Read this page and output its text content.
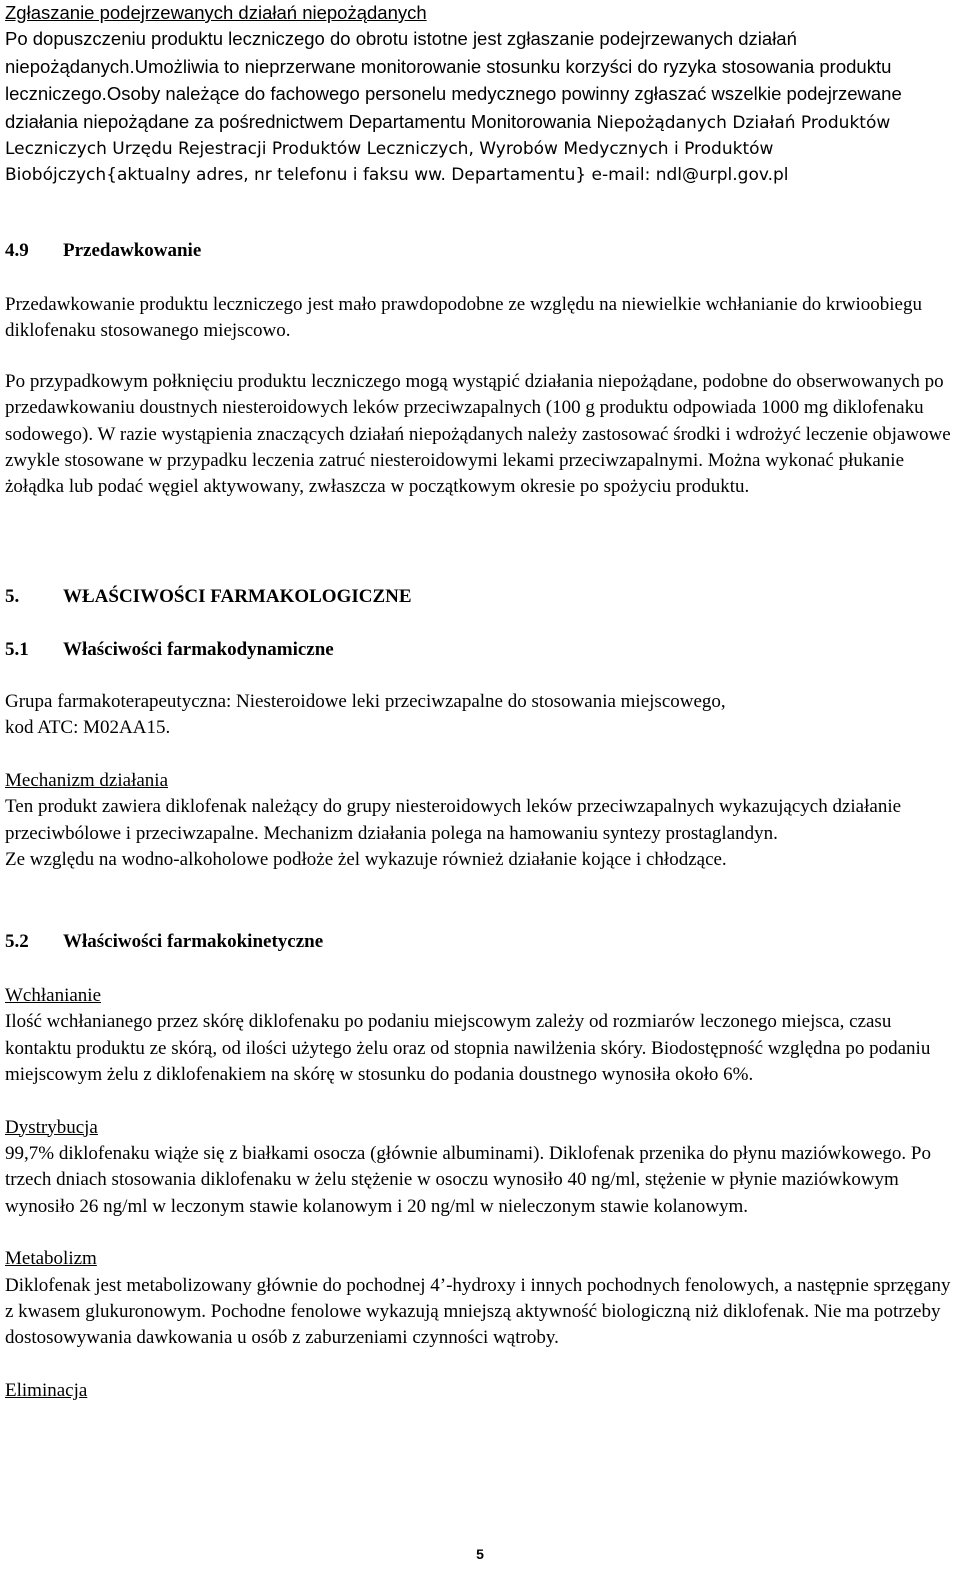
Zgłaszanie podejrzewanych działań niepożądanych

Po dopuszczeniu produktu leczniczego do obrotu istotne jest zgłaszanie podejrzewanych działań niepożądanych.Umożliwia to nieprzerwane monitorowanie stosunku korzyści do ryzyka stosowania produktu leczniczego.Osoby należące do fachowego personelu medycznego powinny zgłaszać wszelkie podejrzewane działania niepożądane za pośrednictwem Departamentu Monitorowania Niepożądanych Działań Produktów Leczniczych Urzędu Rejestracji Produktów Leczniczych, Wyrobów Medycznych i Produktów Biobójczych{aktualny adres, nr telefonu i faksu ww. Departamentu} e-mail: ndl@urpl.gov.pl

4.9 Przedawkowanie

Przedawkowanie produktu leczniczego jest mało prawdopodobne ze względu na niewielkie wchłanianie do krwioobiegu diklofenaku stosowanego miejscowo.

Po przypadkowym połknięciu produktu leczniczego mogą wystąpić działania niepożądane, podobne do obserwowanych po przedawkowaniu doustnych niesteroidowych leków przeciwzapalnych (100 g produktu odpowiada 1000 mg diklofenaku sodowego). W razie wystąpienia znaczących działań niepożądanych należy zastosować środki i wdrożyć leczenie objawowe zwykle stosowane w przypadku leczenia zatruć niesteroidowymi lekami przeciwzapalnymi. Można wykonać płukanie żołądka lub podać węgiel aktywowany, zwłaszcza w początkowym okresie po spożyciu produktu.

5. WŁAŚCIWOŚCI FARMAKOLOGICZNE

5.1 Właściwości farmakodynamiczne

Grupa farmakoterapeutyczna: Niesteroidowe leki przeciwzapalne do stosowania miejscowego,

kod ATC: M02AA15.

Mechanizm działania

Ten produkt zawiera diklofenak należący do grupy niesteroidowych leków przeciwzapalnych wykazujących działanie przeciwbólowe i przeciwzapalne. Mechanizm działania polega na hamowaniu syntezy prostaglandyn.

Ze względu na wodno-alkoholowe podłoże żel wykazuje również działanie kojące i chłodzące.

5.2 Właściwości farmakokinetyczne

Wchłanianie

Ilość wchłanianego przez skórę diklofenaku po podaniu miejscowym zależy od rozmiarów leczonego miejsca, czasu kontaktu produktu ze skórą, od ilości użytego żelu oraz od stopnia nawilżenia skóry. Biodostępność względna po podaniu miejscowym żelu z diklofenakiem na skórę w stosunku do podania doustnego wynosiła około 6%.

Dystrybucja

99,7% diklofenaku wiąże się z białkami osocza (głównie albuminami). Diklofenak przenika do płynu maziówkowego. Po trzech dniach stosowania diklofenaku w żelu stężenie w osoczu wynosiło 40 ng/ml, stężenie w płynie maziówkowym wynosiło 26 ng/ml w leczonym stawie kolanowym i 20 ng/ml w nieleczonym stawie kolanowym.

Metabolizm

Diklofenak jest metabolizowany głównie do pochodnej 4’-hydroxy i innych pochodnych fenolowych, a następnie sprzęgany z kwasem glukuronowym. Pochodne fenolowe wykazują mniejszą aktywność biologiczną niż diklofenak. Nie ma potrzeby dostosowywania dawkowania u osób z zaburzeniami czynności wątroby.

Eliminacja

5
